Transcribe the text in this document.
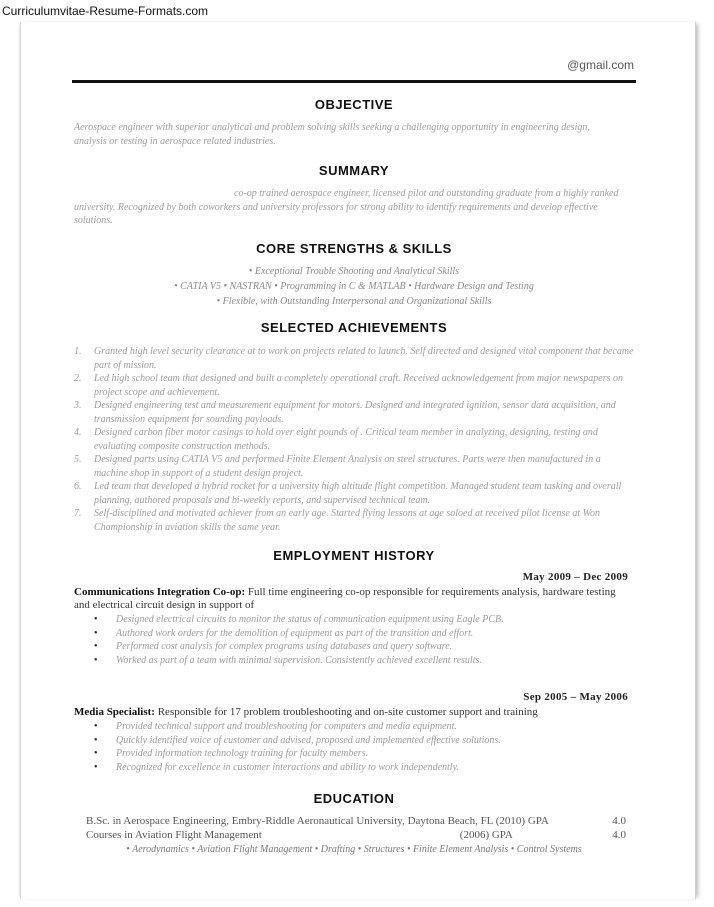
Curriculumvitae-Resume-Formats.com
@gmail.com
OBJECTIVE
Aerospace engineer with superior analytical and problem solving skills seeking a challenging opportunity in engineering design, analysis or testing in aerospace related industries.
SUMMARY
co-op trained aerospace engineer, licensed pilot and outstanding graduate from a highly ranked university. Recognized by both coworkers and university professors for strong ability to identify requirements and develop effective solutions.
CORE STRENGTHS & SKILLS
• Exceptional Trouble Shooting and Analytical Skills
• CATIA V5 • NASTRAN • Programming in C & MATLAB • Hardware Design and Testing
• Flexible, with Outstanding Interpersonal and Organizational Skills
SELECTED ACHIEVEMENTS
1.	Granted high level security clearance at to work on projects related to launch. Self directed and designed vital component that became part of mission.
2.	Led high school team that designed and built a completely operational craft. Received acknowledgement from major newspapers on project scope and achievement.
3.	Designed engineering test and measurement equipment for motors. Designed and integrated ignition, sensor data acquisition, and transmission equipment for sounding payloads.
4.	Designed carbon fiber motor casings to hold over eight pounds of . Critical team member in analyzing, designing, testing and evaluating composite construction methods.
5.	Designed parts using CATIA V5 and performed Finite Element Analysis on steel structures. Parts were then manufactured in a machine shop in support of a student design project.
6.	Led team that developed a hybrid rocket for a university high altitude flight competition. Managed student team tasking and overall planning, authored proposals and bi-weekly reports, and supervised technical team.
7.	Self-disciplined and motivated achiever from an early age. Started flying lessons at age soloed at received pilot license at Won Championship in aviation skills the same year.
EMPLOYMENT HISTORY
May 2009 – Dec 2009
Communications Integration Co-op: Full time engineering co-op responsible for requirements analysis, hardware testing and electrical circuit design in support of
•	Designed electrical circuits to monitor the status of communication equipment using Eagle PCB.
•	Authored work orders for the demolition of equipment as part of the transition and effort.
•	Performed cost analysis for complex programs using databases and query software.
•	Worked as part of a team with minimal supervision. Consistently achieved excellent results.
Sep 2005 – May 2006
Media Specialist: Responsible for 17 problem troubleshooting and on-site customer support and training
•	Provided technical support and troubleshooting for computers and media equipment.
•	Quickly identified voice of customer and advised, proposed and implemented effective solutions.
•	Provided information technology training for faculty members.
•	Recognized for excellence in customer interactions and ability to work independently.
EDUCATION
B.Sc. in Aerospace Engineering, Embry-Riddle Aeronautical University, Daytona Beach, FL (2010) GPA	4.0
Courses in Aviation Flight Management                                                                        (2006) GPA	4.0
• Aerodynamics • Aviation Flight Management • Drafting • Structures • Finite Element Analysis • Control Systems
